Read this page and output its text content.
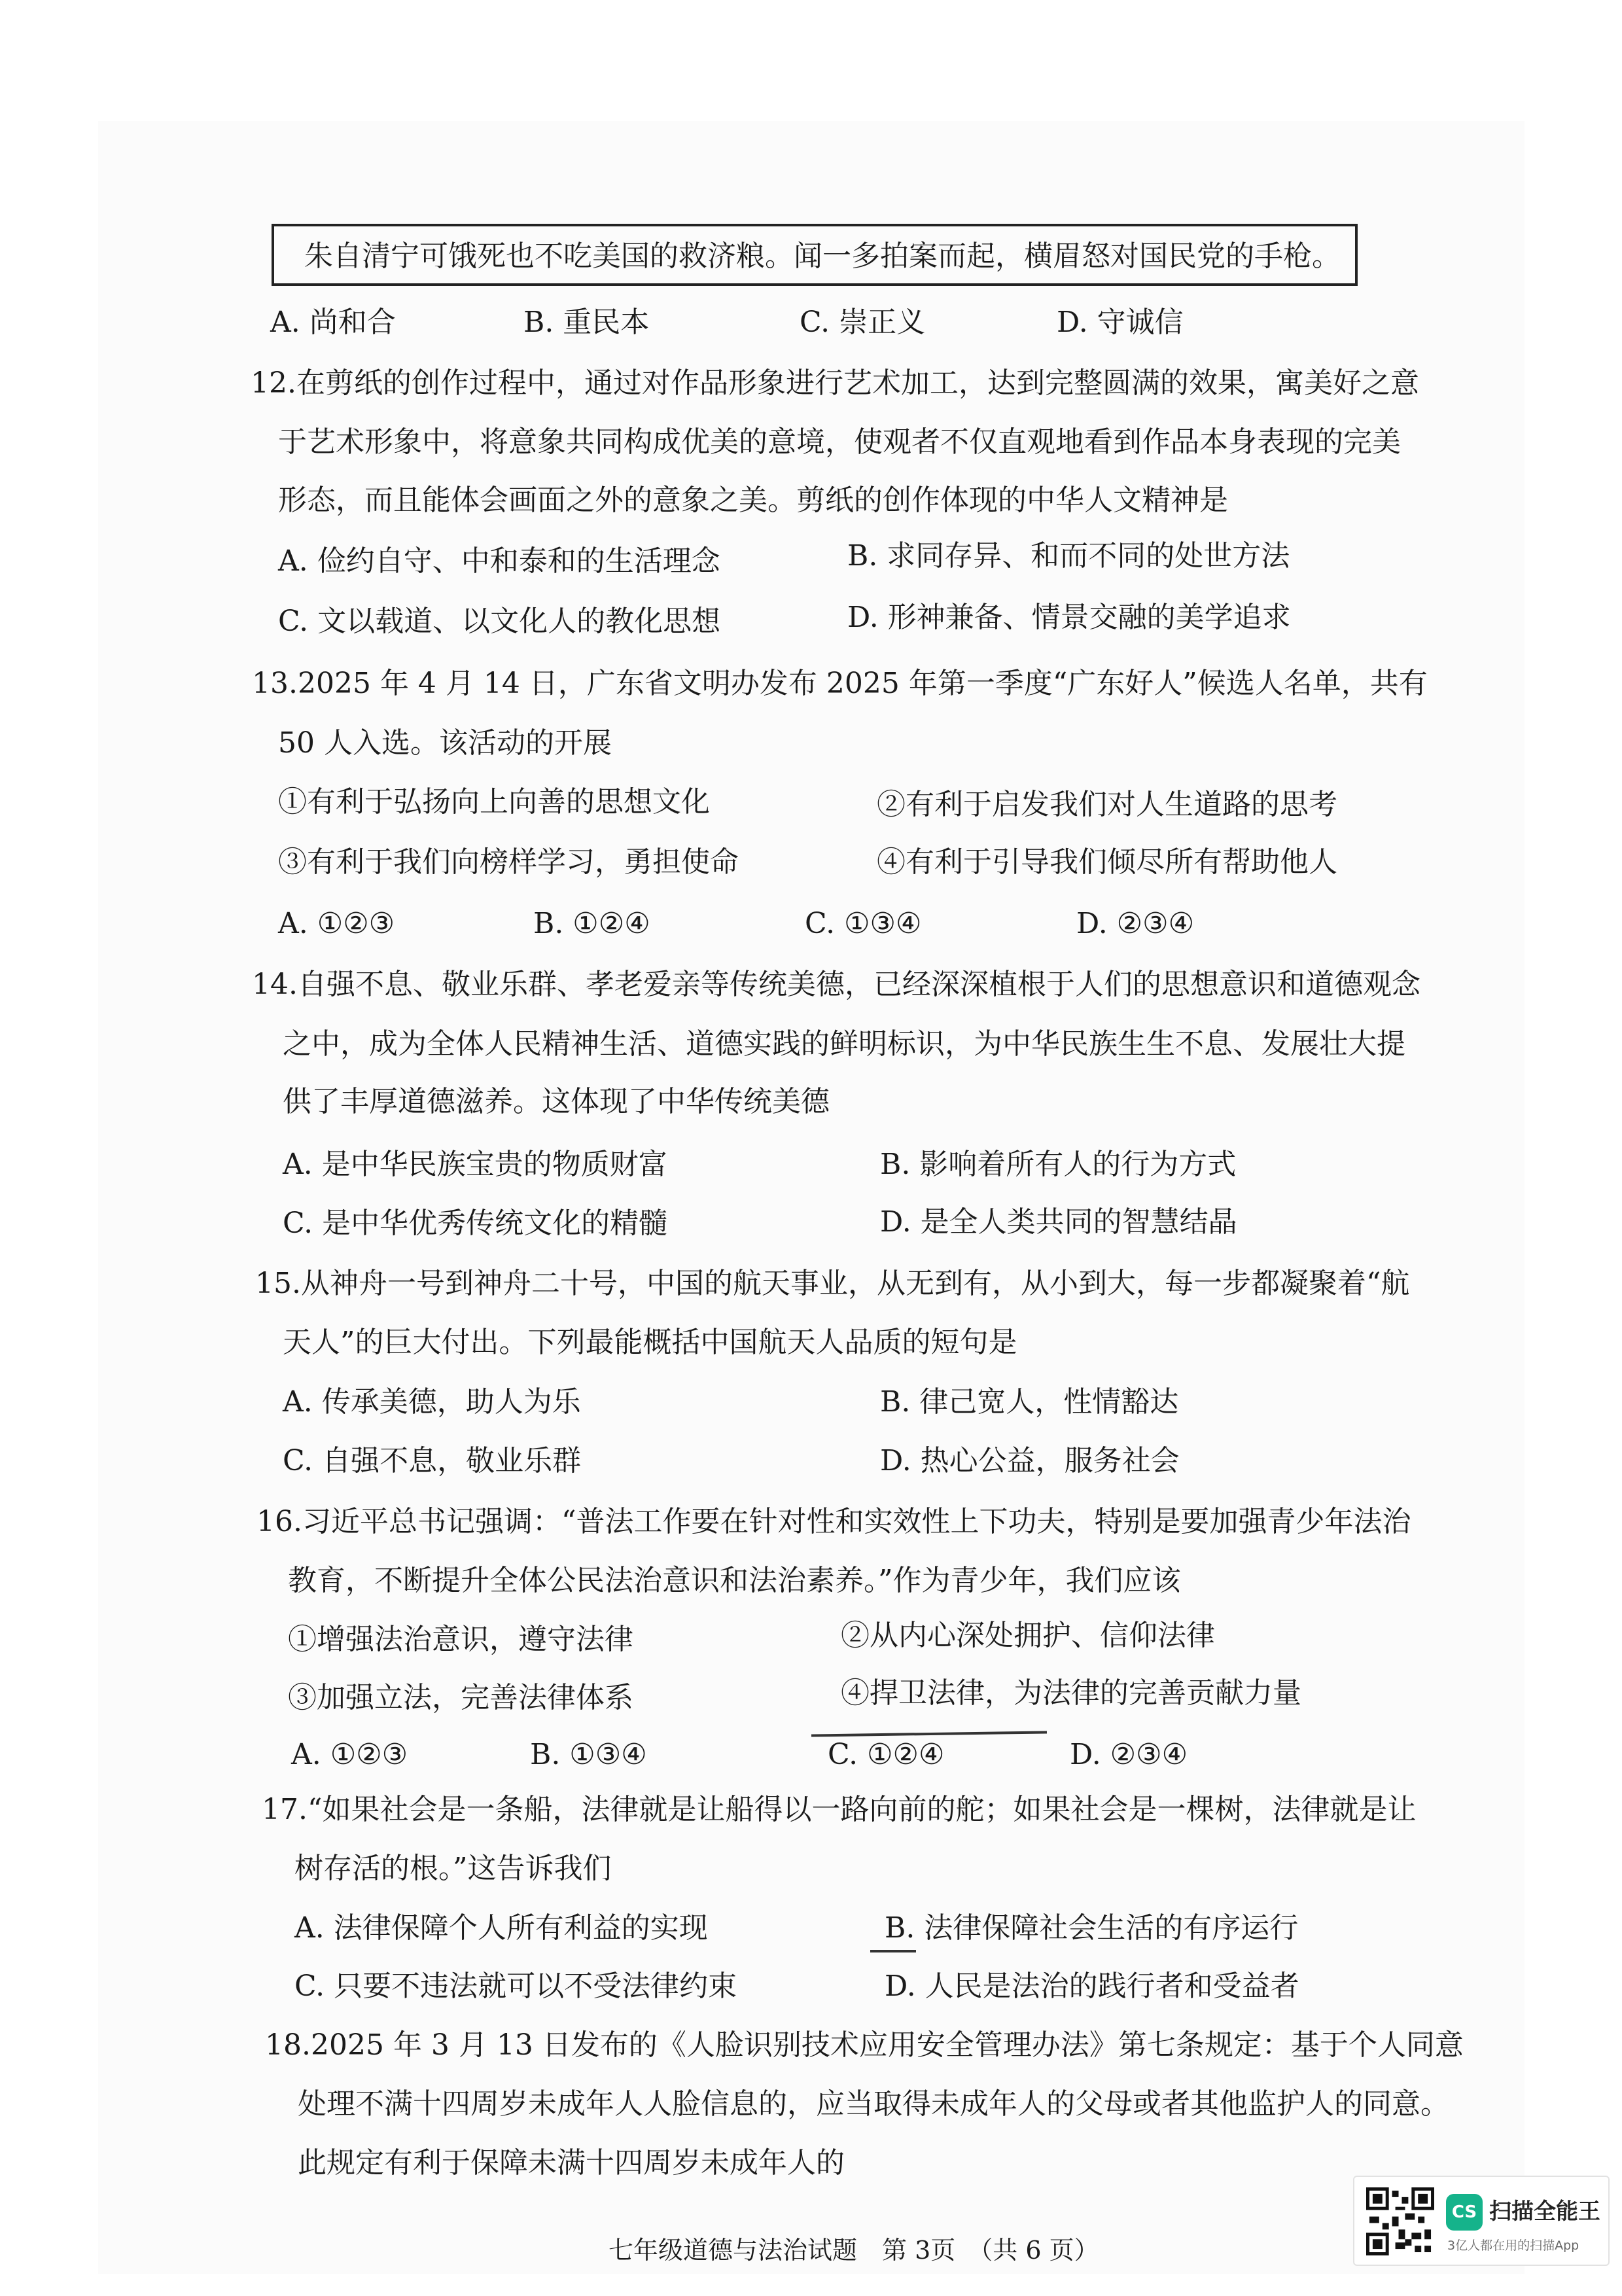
朱自清宁可饿死也不吃美国的救济粮。闻一多拍案而起，横眉怒对国民党的手枪。
A. 尚和合	B. 重民本	C. 崇正义	D. 守诚信
12.在剪纸的创作过程中，通过对作品形象进行艺术加工，达到完整圆满的效果，寓美好之意
于艺术形象中，将意象共同构成优美的意境，使观者不仅直观地看到作品本身表现的完美
形态，而且能体会画面之外的意象之美。剪纸的创作体现的中华人文精神是
A. 俭约自守、中和泰和的生活理念	B. 求同存异、和而不同的处世方法
C. 文以载道、以文化人的教化思想	D. 形神兼备、情景交融的美学追求
13.2025 年 4 月 14 日，广东省文明办发布 2025 年第一季度“广东好人”候选人名单，共有
50 人入选。该活动的开展
①有利于弘扬向上向善的思想文化	②有利于启发我们对人生道路的思考
③有利于我们向榜样学习，勇担使命	④有利于引导我们倾尽所有帮助他人
A. ①②③	B. ①②④	C. ①③④	D. ②③④
14.自强不息、敬业乐群、孝老爱亲等传统美德，已经深深植根于人们的思想意识和道德观念
之中，成为全体人民精神生活、道德实践的鲜明标识，为中华民族生生不息、发展壮大提
供了丰厚道德滋养。这体现了中华传统美德
A. 是中华民族宝贵的物质财富	B. 影响着所有人的行为方式
C. 是中华优秀传统文化的精髓	D. 是全人类共同的智慧结晶
15.从神舟一号到神舟二十号，中国的航天事业，从无到有，从小到大，每一步都凝聚着“航
天人”的巨大付出。下列最能概括中国航天人品质的短句是
A. 传承美德，助人为乐	B. 律己宽人，性情豁达
C. 自强不息，敬业乐群	D. 热心公益，服务社会
16.习近平总书记强调：“普法工作要在针对性和实效性上下功夫，特别是要加强青少年法治
教育，不断提升全体公民法治意识和法治素养。”作为青少年，我们应该
①增强法治意识，遵守法律	②从内心深处拥护、信仰法律
③加强立法，完善法律体系	④捍卫法律，为法律的完善贡献力量
A. ①②③	B. ①③④	C. ①②④	D. ②③④
17.“如果社会是一条船，法律就是让船得以一路向前的舵；如果社会是一棵树，法律就是让
树存活的根。”这告诉我们
A. 法律保障个人所有利益的实现	B. 法律保障社会生活的有序运行
C. 只要不违法就可以不受法律约束	D. 人民是法治的践行者和受益者
18.2025 年 3 月 13 日发布的《人脸识别技术应用安全管理办法》第七条规定：基于个人同意
处理不满十四周岁未成年人人脸信息的，应当取得未成年人的父母或者其他监护人的同意。
此规定有利于保障未满十四周岁未成年人的
七年级道德与法治试题　第 3页　（共 6 页）
CS 扫描全能王
3亿人都在用的扫描App
